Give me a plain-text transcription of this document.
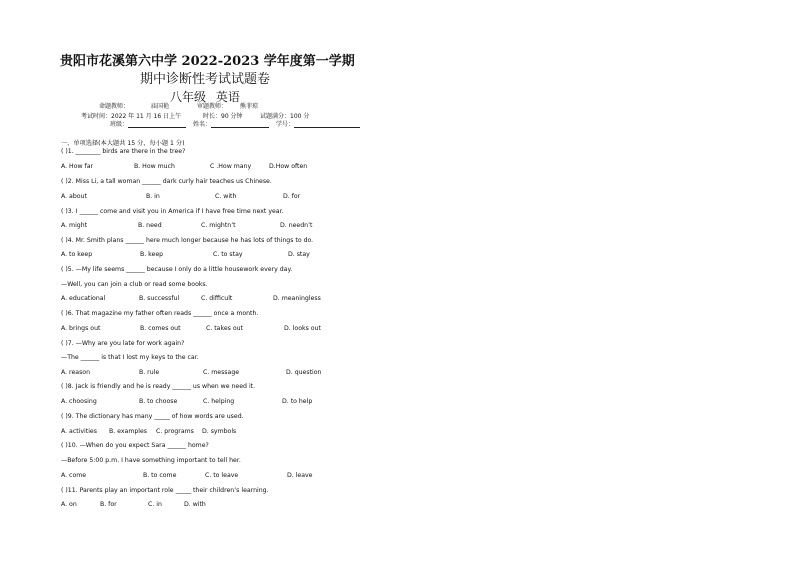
贵阳市花溪第六中学 2022-2023 学年度第一学期
期中诊断性考试试题卷
八年级 英语
命题教师：	庙国艳	审题教师： 熊菲琼
考试时间：2022 年 11 月 16 日上午	时长：90 分钟	试题满分：100 分
班级：	姓名：	学号：
一、单项选择(本大题共 15 分，每小题 1 分)
( )1. ________ birds are there in the tree?
A. How far	B. How much	C .How many	D.How often
( )2. Miss Li, a tall woman ______ dark curly hair teaches us Chinese.
A. about	B. in	C. with	D. for
( )3. I ______ come and visit you in America if I have free time next year.
A. might	B. need	C. mightn’t	D. needn’t
( )4. Mr. Smith plans ______ here much longer because he has lots of things to do.
A. to keep	B. keep	C. to stay	D. stay
( )5. —My life seems ______ because I only do a little housework every day.
—Well, you can join a club or read some books.
A. educational	B. successful	C. difficult	D. meaningless
( )6. That magazine my father often reads ______ once a month.
A. brings out	B. comes out	C. takes out	D. looks out
( )7. —Why are you late for work again?
—The ______ is that I lost my keys to the car.
A. reason	B. rule	C. message	D. question
( )8. Jack is friendly and he is ready ______ us when we need it.
A. choosing	B. to choose	C. helping	D. to help
( )9. The dictionary has many _____ of how words are used.
A. activities B. examples C. programs D. symbols
( )10. —When do you expect Sara ______ home?
—Before 5:00 p.m. I have something important to tell her.
A. come	B. to come	C. to leave	D. leave
( )11. Parents play an important role _____ their children’s learning.
A. on	B. for	C. in	D. with
